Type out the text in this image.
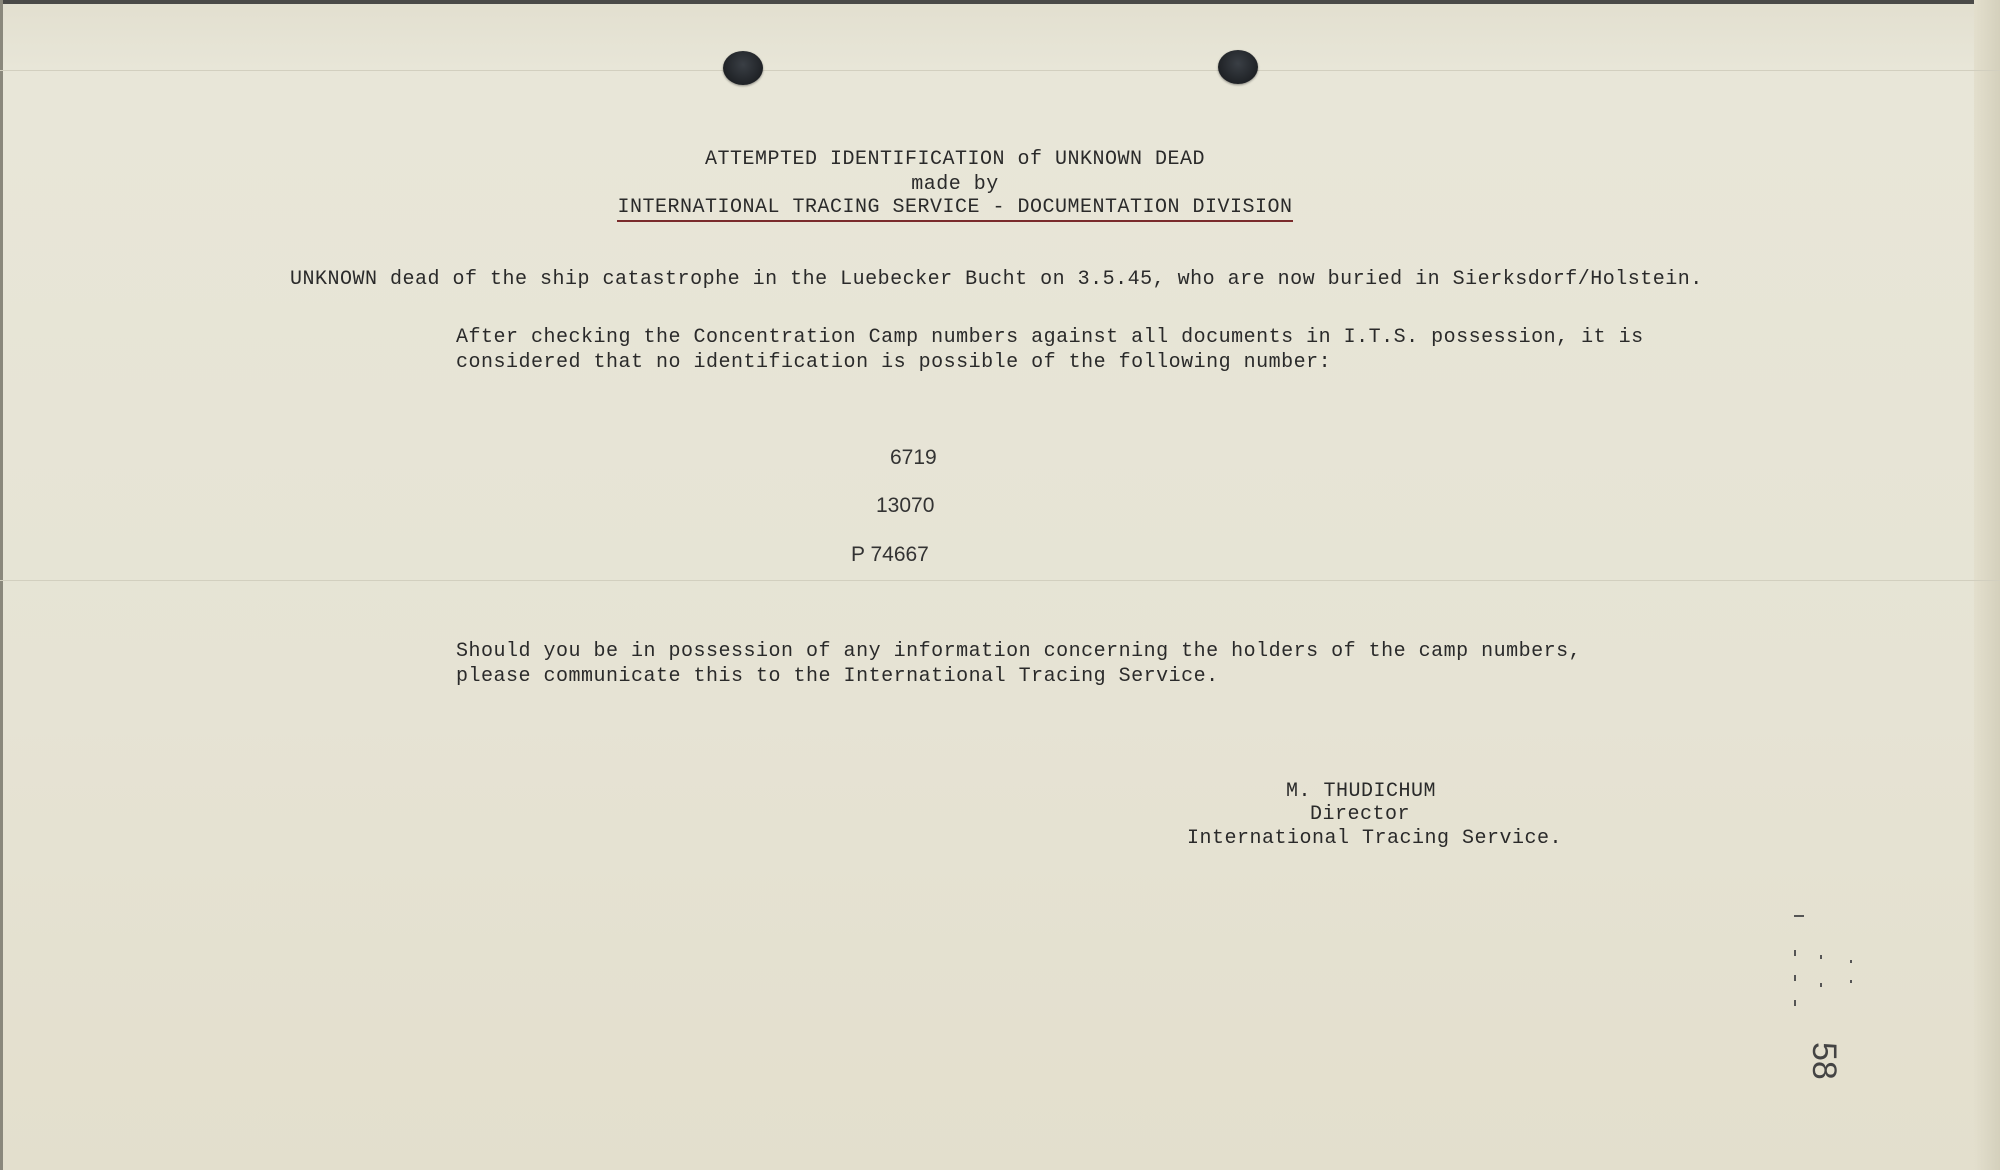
ATTEMPTED IDENTIFICATION of UNKNOWN DEAD
made by
INTERNATIONAL TRACING SERVICE - DOCUMENTATION DIVISION
UNKNOWN dead of the ship catastrophe in the Luebecker Bucht on 3.5.45, who are now buried in Sierksdorf/Holstein.
After checking the Concentration Camp numbers against all documents in I.T.S. possession, it is
considered that no identification is possible of the following number:
6719
13070
P 74667
Should you be in possession of any information concerning the holders of the camp numbers,
please communicate this to the International Tracing Service.
M. THUDICHUM
Director
International Tracing Service.
58
